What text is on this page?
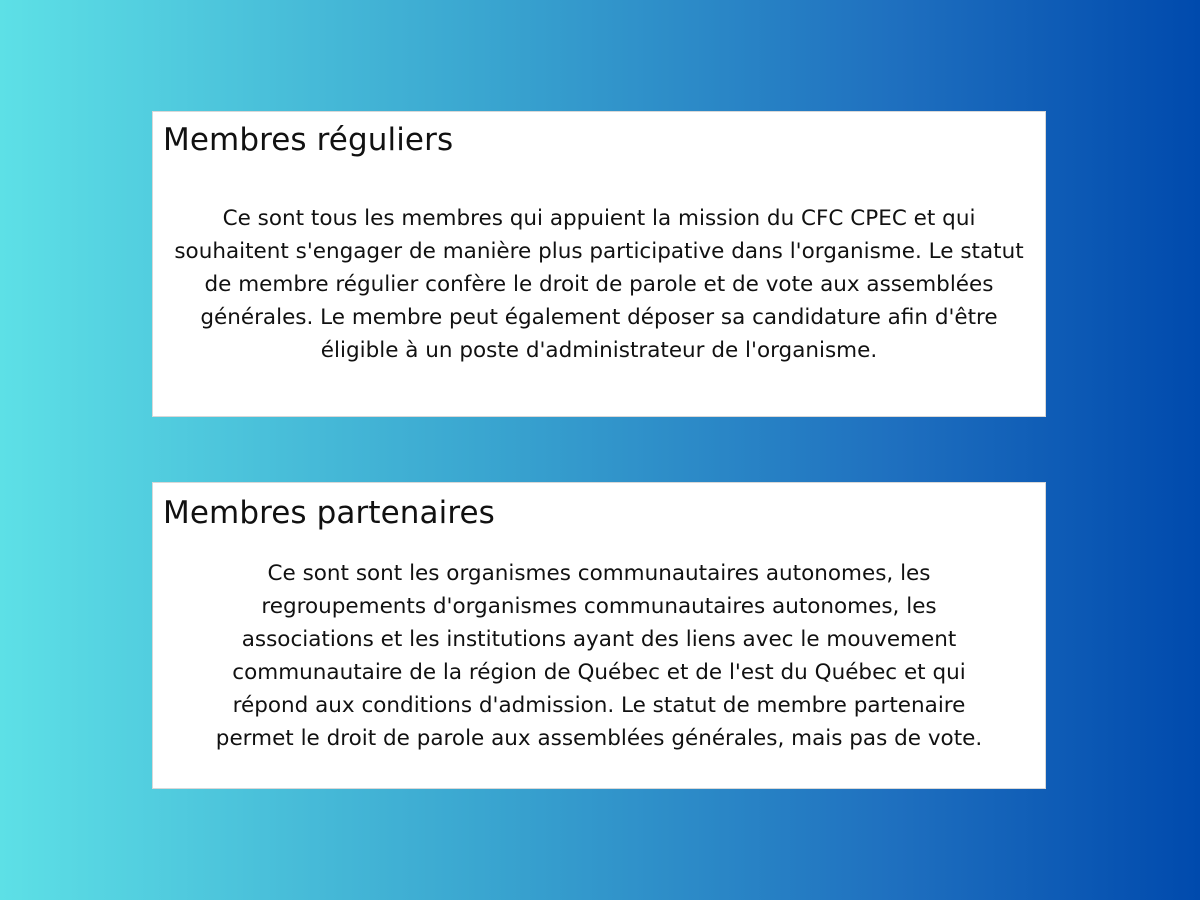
Membres réguliers

Ce sont tous les membres qui appuient la mission du CFC CPEC et qui souhaitent s'engager de manière plus participative dans l'organisme. Le statut de membre régulier confère le droit de parole et de vote aux assemblées générales. Le membre peut également déposer sa candidature afin d'être éligible à un poste d'administrateur de l'organisme.

Membres partenaires

Ce sont sont les organismes communautaires autonomes, les regroupements d'organismes communautaires autonomes, les associations et les institutions ayant des liens avec le mouvement communautaire de la région de Québec et de l'est du Québec et qui répond aux conditions d'admission. Le statut de membre partenaire permet le droit de parole aux assemblées générales, mais pas de vote.
